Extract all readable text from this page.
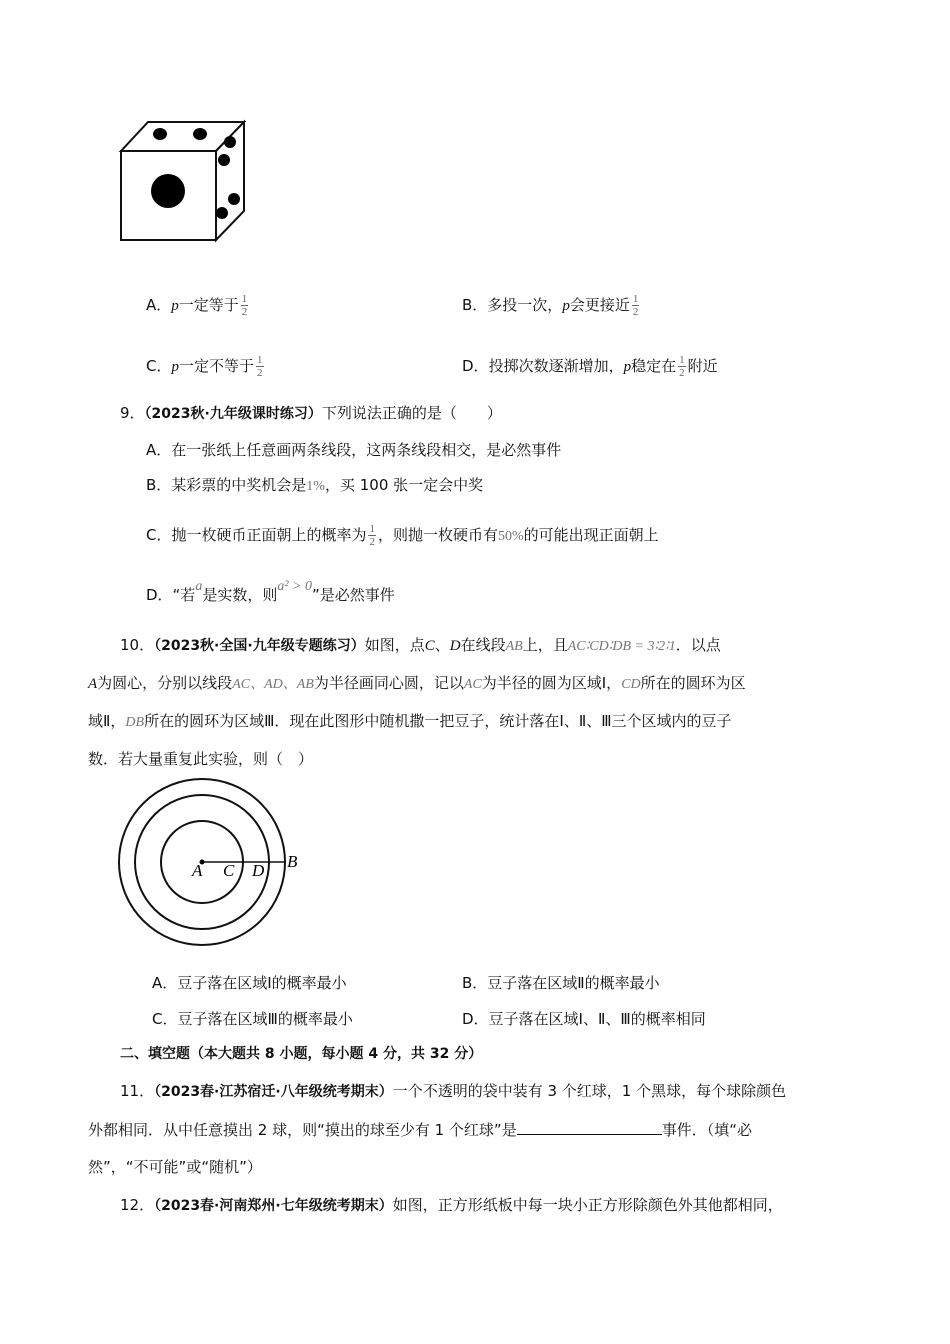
A．p一定等于 $\frac{1}{2}$	B．多投一次，p会更接近 $\frac{1}{2}$
C．p一定不等于 $\frac{1}{2}$	D．投掷次数逐渐增加，p稳定在 $\frac{1}{2}$ 附近
9．（2023秋·九年级课时练习）下列说法正确的是（　　）
A．在一张纸上任意画两条线段，这两条线段相交，是必然事件
B．某彩票的中奖机会是1%，买 100 张一定会中奖
C．抛一枚硬币正面朝上的概率为 $\frac{1}{2}$ ，则抛一枚硬币有50%的可能出现正面朝上
D．“若a是实数，则a² > 0”是必然事件
10．（2023秋·全国·九年级专题练习）如图，点C、D在线段AB上，且AC∶CD∶DB = 3∶2∶1．以点
A为圆心，分别以线段AC、AD、AB为半径画同心圆，记以AC为半径的圆为区域Ⅰ，CD所在的圆环为区
域Ⅱ，DB所在的圆环为区域Ⅲ．现在此图形中随机撒一把豆子，统计落在Ⅰ、Ⅱ、Ⅲ三个区域内的豆子
数．若大量重复此实验，则（　）
A C D B
A．豆子落在区域Ⅰ的概率最小	B．豆子落在区域Ⅱ的概率最小
C．豆子落在区域Ⅲ的概率最小	D．豆子落在区域Ⅰ、Ⅱ、Ⅲ的概率相同
二、填空题（本大题共 8 小题，每小题 4 分，共 32 分）
11．（2023春·江苏宿迁·八年级统考期末）一个不透明的袋中装有 3 个红球，1 个黑球，每个球除颜色
外都相同．从中任意摸出 2 球，则“摸出的球至少有 1 个红球”是	事件．（填“必
然”，“不可能”或“随机”）
12．（2023春·河南郑州·七年级统考期末）如图，正方形纸板中每一块小正方形除颜色外其他都相同，
